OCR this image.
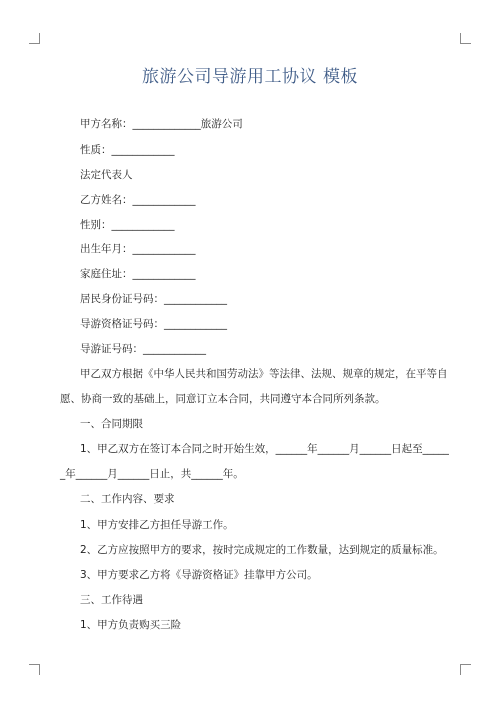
旅游公司导游用工协议 模板
甲方名称：_____________旅游公司
性质：____________
法定代表人
乙方姓名：____________
性别：____________
出生年月：____________
家庭住址：____________
居民身份证号码：____________
导游资格证号码：____________
导游证号码：____________
甲乙双方根据《中华人民共和国劳动法》等法律、法规、规章的规定，在平等自
愿、协商一致的基础上，同意订立本合同，共同遵守本合同所列条款。
一、合同期限
1、甲乙双方在签订本合同之时开始生效，______年______月______日起至_____
_年______月______日止，共______年。
二、工作内容、要求
1、甲方安排乙方担任导游工作。
2、乙方应按照甲方的要求，按时完成规定的工作数量，达到规定的质量标准。
3、甲方要求乙方将《导游资格证》挂靠甲方公司。
三、工作待遇
1、甲方负责购买三险
